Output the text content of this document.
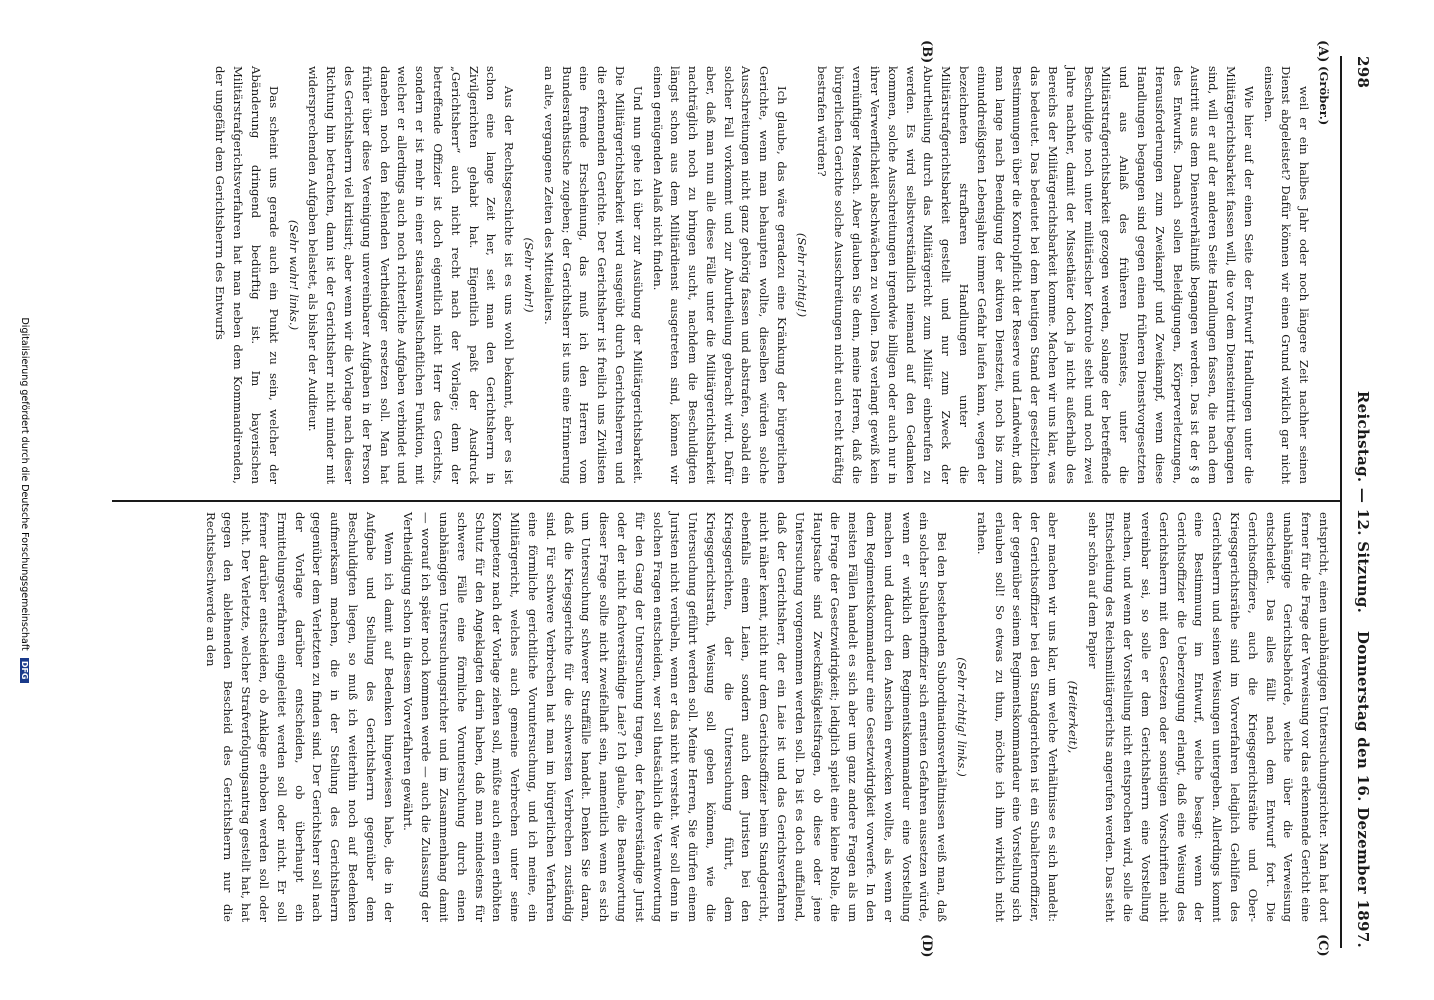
298
Reichstag. — 12. Sitzung.
Donnerstag den 16. Dezember 1897.
(A)
(B)
(C)
(D)

(Gröber.)

weil er ein halbes Jahr oder noch längere Zeit nachher seinen Dienst abgeleistet? Dafür können wir einen Grund wirklich gar nicht einsehen.

Wie hier auf der einen Seite der Entwurf Handlungen unter die Militärgerichtsbarkeit fassen will, die vor dem Diensteintritt begangen sind, will er auf der anderen Seite Handlungen fassen, die nach dem Austritt aus dem Dienstverhältniß begangen werden. Das ist der § 8 des Entwurfs. Danach sollen Beleidigungen, Körperverletzungen, Herausforderungen zum Zweikampf und Zweikampf, wenn diese Handlungen begangen sind gegen einen früheren Dienstvorgesetzten und aus Anlaß des früheren Dienstes, unter die Militärstrafgerichtsbarkeit gezogen werden, solange der betreffende Beschuldigte noch unter militärischer Kontrole steht und noch zwei Jahre nachher, damit der Missethäter doch ja nicht außerhalb des Bereichs der Militärgerichtsbarkeit komme. Machen wir uns klar, was das bedeutet. Das bedeutet bei dem heutigen Stand der gesetzlichen Bestimmungen über die Kontrolpflicht der Reserve und Landwehr, daß man lange nach Beendigung der aktiven Dienstzeit, noch bis zum einunddreißigsten Lebensjahre immer Gefahr laufen kann, wegen der bezeichneten strafbaren Handlungen unter die Militärstrafgerichtsbarkeit gestellt und nur zum Zweck der Aburtheilung durch das Militärgericht zum Militär einberufen zu werden. Es wird selbstverständlich niemand auf den Gedanken kommen, solche Ausschreitungen irgendwie billigen oder auch nur in ihrer Verwerflichkeit abschwächen zu wollen. Das verlangt gewiß kein vernünftiger Mensch. Aber glauben Sie denn, meine Herren, daß die bürgerlichen Gerichte solche Ausschreitungen nicht auch recht kräftig bestrafen würden?

(Sehr richtig!)

Ich glaube, das wäre geradezu eine Kränkung der bürgerlichen Gerichte, wenn man behaupten wollte, dieselben würden solche Ausschreitungen nicht ganz gehörig fassen und abstrafen, sobald ein solcher Fall vorkommt und zur Aburtheilung gebracht wird. Dafür aber, daß man nun alle diese Fälle unter die Militärgerichtsbarkeit nachträglich noch zu bringen sucht, nachdem die Beschuldigten längst schon aus dem Militärdienst ausgetreten sind, können wir einen genügenden Anlaß nicht finden.

Und nun gehe ich über zur Ausübung der Militärgerichtsbarkeit. Die Militärgerichtsbarkeit wird ausgeübt durch Gerichtsherren und die erkennenden Gerichte. Der Gerichtsherr ist freilich uns Zivilisten eine fremde Erscheinung, das muß ich den Herren vom Bundesrathstische zugeben; der Gerichtsherr ist uns eine Erinnerung an alte, vergangene Zeiten des Mittelalters.

(Sehr wahr!)

Aus der Rechtsgeschichte ist es uns wohl bekannt, aber es ist schon eine lange Zeit her, seit man den Gerichtsherrn in Zivilgerichten gehabt hat. Eigentlich paßt der Ausdruck „Gerichtsherr“ auch nicht recht nach der Vorlage; denn der betreffende Offizier ist doch eigentlich nicht Herr des Gerichts, sondern er ist mehr in einer staatsanwaltschaftlichen Funktion, mit welcher er allerdings auch noch richterliche Aufgaben verbindet und daneben noch den fehlenden Vertheidiger ersetzen soll. Man hat früher über diese Vereinigung unvereinbarer Aufgaben in der Person des Gerichtsherrn viel kritisirt; aber wenn wir die Vorlage nach dieser Richtung hin betrachten, dann ist der Gerichtsherr nicht minder mit widersprechenden Aufgaben belastet, als bisher der Auditeur.

(Sehr wahr! links.)

Das scheint uns gerade auch ein Punkt zu sein, welcher der Abänderung dringend bedürftig ist. Im bayerischen Militärstrafgerichtsverfahren hat man neben dem Kommandirenden, der ungefähr dem Gerichtsherrn des Entwurfs

entspricht, einen unabhängigen Untersuchungsrichter. Man hat dort ferner für die Frage der Verweisung vor das erkennende Gericht eine unabhängige Gerichtsbehörde, welche über die Verweisung entscheidet. Das alles fällt nach dem Entwurf fort. Die Gerichtsoffiziere, auch die Kriegsgerichtsräthe und Ober-Kriegsgerichtsräthe sind im Vorverfahren lediglich Gehilfen des Gerichtsherrn und seinen Weisungen untergeben. Allerdings kommt eine Bestimmung im Entwurf, welche besagt: wenn der Gerichtsoffizier die Ueberzeugung erlangt, daß eine Weisung des Gerichtsherrn mit den Gesetzen oder sonstigen Vorschriften nicht vereinbar sei, so solle er dem Gerichtsherrn eine Vorstellung machen, und wenn der Vorstellung nicht entsprochen wird, solle die Entscheidung des Reichsmilitärgerichts angerufen werden. Das steht sehr schön auf dem Papier

(Heiterkeit),

aber machen wir uns klar, um welche Verhältnisse es sich handelt: der Gerichtsoffizier bei den Standgerichten ist ein Subalternoffizier, der gegenüber seinem Regimentskommandeur eine Vorstellung sich erlauben soll! So etwas zu thun, möchte ich ihm wirklich nicht rathen.

(Sehr richtig! links.)

Bei den bestehenden Subordinationsverhältnissen weiß man, daß ein solcher Subalternoffizier sich ernsten Gefahren aussetzen würde, wenn er wirklich dem Regimentskommandeur eine Vorstellung machen und dadurch den Anschein erwecken wollte, als wenn er dem Regimentskommandeur eine Gesetzwidrigkeit vorwerfe. In den meisten Fällen handelt es sich aber um ganz andere Fragen als um die Frage der Gesetzwidrigkeit; lediglich spielt eine kleine Rolle, die Hauptsache sind Zweckmäßigkeitsfragen, ob diese oder jene Untersuchung vorgenommen werden soll. Da ist es doch auffallend, daß der Gerichtsherr, der ein Laie ist und das Gerichtsverfahren nicht näher kennt, nicht nur dem Gerichtsoffizier beim Standgericht, ebenfalls einem Laien, sondern auch dem Juristen bei den Kriegsgerichten, der die Untersuchung führt, dem Kriegsgerichtsrath, Weisung soll geben können, wie die Untersuchung geführt werden soll. Meine Herren, Sie dürfen einem Juristen nicht verübeln, wenn er das nicht versteht. Wer soll denn in solchen Fragen entscheiden, wer soll thatsächlich die Verantwortung für den Gang der Untersuchung tragen, der fachverständige Jurist oder der nicht fachverständige Laie? Ich glaube, die Beantwortung dieser Frage sollte nicht zweifelhaft sein, namentlich wenn es sich um Untersuchung schwerer Straffälle handelt. Denken Sie daran, daß die Kriegsgerichte für die schwersten Verbrechen zuständig sind. Für schwere Verbrechen hat man im bürgerlichen Verfahren eine förmliche gerichtliche Voruntersuchung, und ich meine, ein Militärgericht, welches auch gemeine Verbrechen unter seine Kompetenz nach der Vorlage ziehen soll, müßte auch einen erhöhten Schutz für den Angeklagten darin haben, daß man mindestens für schwere Fälle eine förmliche Voruntersuchung durch einen unabhängigen Untersuchungsrichter und im Zusammenhang damit — worauf ich später noch kommen werde — auch die Zulassung der Vertheidigung schon in diesem Vorverfahren gewährt.

Wenn ich damit auf Bedenken hingewiesen habe, die in der Aufgabe und Stellung des Gerichtsherrn gegenüber dem Beschuldigten liegen, so muß ich weiterhin noch auf Bedenken aufmerksam machen, die in der Stellung des Gerichtsherrn gegenüber dem Verletzten zu finden sind. Der Gerichtsherr soll nach der Vorlage darüber entscheiden, ob überhaupt ein Ermittelungsverfahren eingeleitet werden soll oder nicht. Er soll ferner darüber entscheiden, ob Anklage erhoben werden soll oder nicht. Der Verletzte, welcher Strafverfolgungsantrag gestellt hat, hat gegen den ablehnenden Bescheid des Gerichtsherrn nur die Rechtsbeschwerde an den

Digitalisierung gefördert durch die Deutsche Forschungsgemeinschaft DFG
